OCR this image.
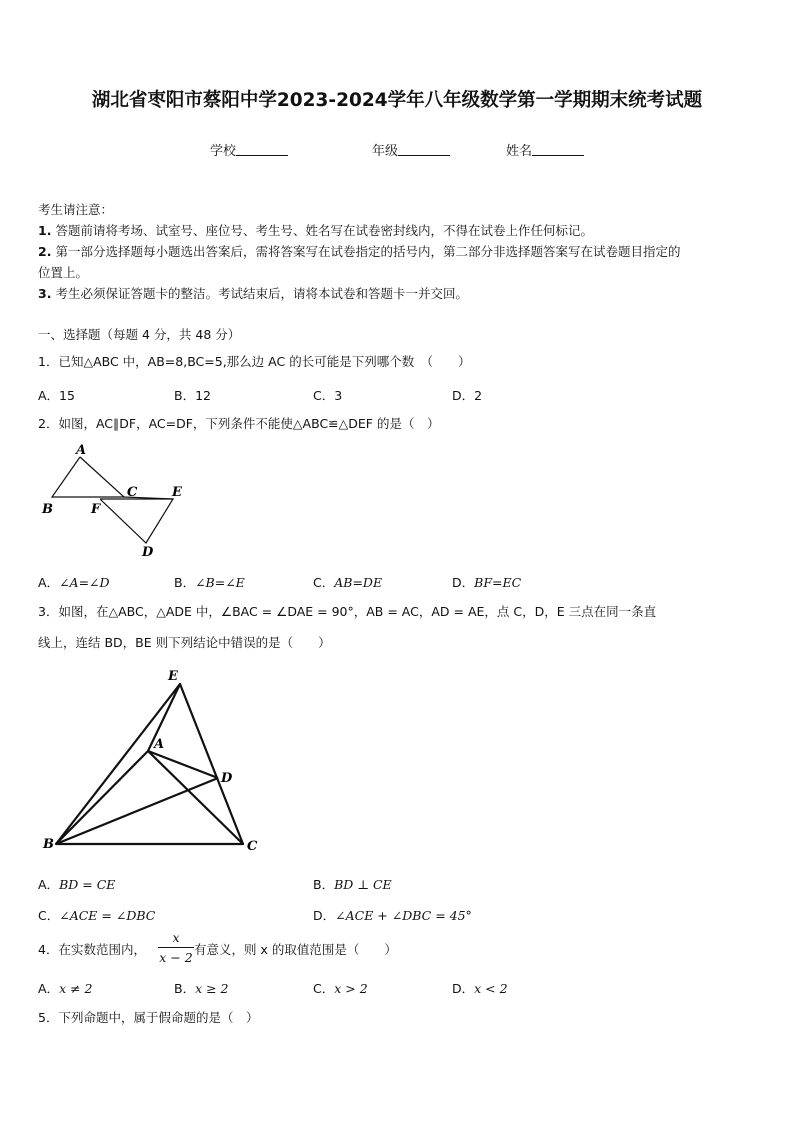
湖北省枣阳市蔡阳中学2023-2024学年八年级数学第一学期期末统考试题
学校	年级	姓名
考生请注意：
1. 答题前请将考场、试室号、座位号、考生号、姓名写在试卷密封线内，不得在试卷上作任何标记。
2. 第一部分选择题每小题选出答案后，需将答案写在试卷指定的括号内，第二部分非选择题答案写在试卷题目指定的
位置上。
3. 考生必须保证答题卡的整洁。考试结束后，请将本试卷和答题卡一并交回。
一、选择题（每题 4 分，共 48 分）
1．已知△ABC 中，AB=8,BC=5,那么边 AC 的长可能是下列哪个数　（　　）
A．15	B．12	C．3	D．2
2．如图，AC∥DF，AC=DF，下列条件不能使△ABC≌△DEF 的是（　）
A
B
C	E
F
D
A．∠A=∠D	B．∠B=∠E	C．AB=DE	D．BF=EC
3．如图，在△ABC，△ADE 中，∠BAC = ∠DAE = 90°，AB = AC，AD = AE，点 C，D，E 三点在同一条直
线上，连结 BD，BE 则下列结论中错误的是（　　）
E
A
D
B	C
A．BD = CE	B．BD ⊥ CE
C．∠ACE = ∠DBC	D．∠ACE + ∠DBC = 45°
4．在实数范围内，
x
x − 2
有意义，则 x 的取值范围是（　　）
A．x ≠ 2	B．x ≥ 2	C．x > 2	D．x < 2
5．下列命题中，属于假命题的是（　）
